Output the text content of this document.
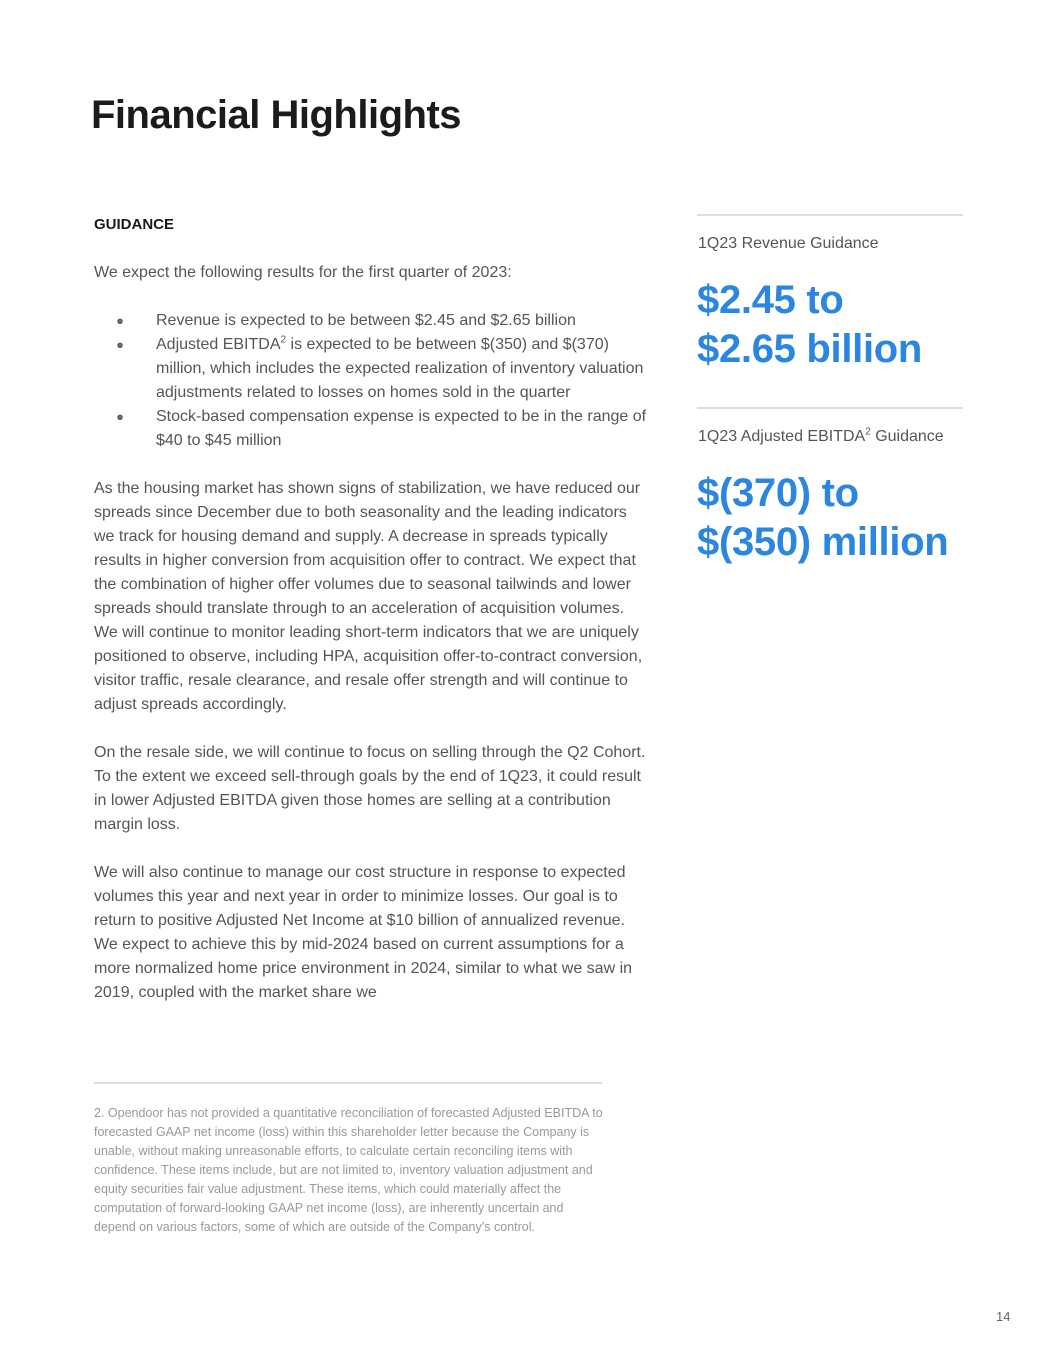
Financial Highlights
GUIDANCE

We expect the following results for the first quarter of 2023:

● Revenue is expected to be between $2.45 and $2.65 billion
● Adjusted EBITDA$^2$ is expected to be between $(350) and $(370) million, which includes the expected realization of inventory valuation adjustments related to losses on homes sold in the quarter
● Stock-based compensation expense is expected to be in the range of $40 to $45 million

As the housing market has shown signs of stabilization, we have reduced our spreads since December due to both seasonality and the leading indicators we track for housing demand and supply. A decrease in spreads typically results in higher conversion from acquisition offer to contract. We expect that the combination of higher offer volumes due to seasonal tailwinds and lower spreads should translate through to an acceleration of acquisition volumes. We will continue to monitor leading short-term indicators that we are uniquely positioned to observe, including HPA, acquisition offer-to-contract conversion, visitor traffic, resale clearance, and resale offer strength and will continue to adjust spreads accordingly.

On the resale side, we will continue to focus on selling through the Q2 Cohort. To the extent we exceed sell-through goals by the end of 1Q23, it could result in lower Adjusted EBITDA given those homes are selling at a contribution margin loss.

We will also continue to manage our cost structure in response to expected volumes this year and next year in order to minimize losses. Our goal is to return to positive Adjusted Net Income at $10 billion of annualized revenue. We expect to achieve this by mid-2024 based on current assumptions for a more normalized home price environment in 2024, similar to what we saw in 2019, coupled with the market share we

2. Opendoor has not provided a quantitative reconciliation of forecasted Adjusted EBITDA to forecasted GAAP net income (loss) within this shareholder letter because the Company is unable, without making unreasonable efforts, to calculate certain reconciling items with confidence. These items include, but are not limited to, inventory valuation adjustment and equity securities fair value adjustment. These items, which could materially affect the computation of forward-looking GAAP net income (loss), are inherently uncertain and depend on various factors, some of which are outside of the Company’s control.
1Q23 Revenue Guidance
$2.45 to
$2.65 billion
1Q23 Adjusted EBITDA$^2$ Guidance
$(370) to
$(350) million
14
